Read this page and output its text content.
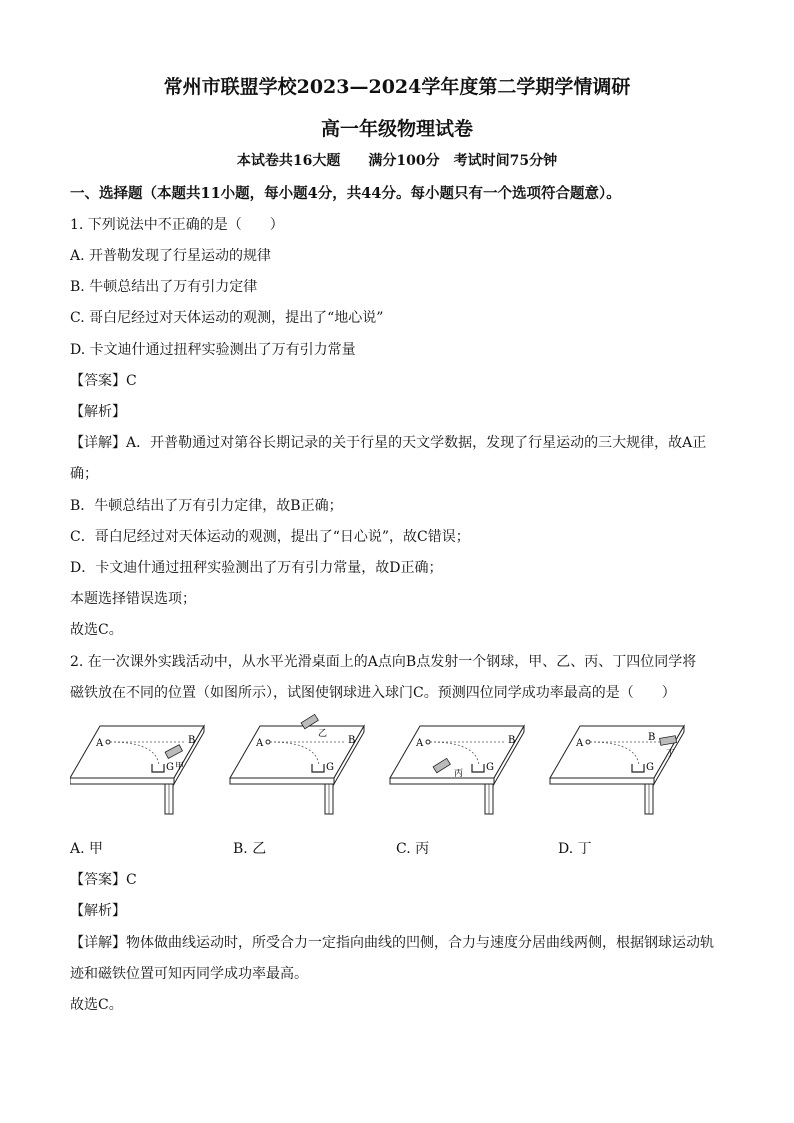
常州市联盟学校2023—2024学年度第二学期学情调研
高一年级物理试卷
本试卷共16大题　　满分100分　考试时间75分钟
一、选择题（本题共11小题，每小题4分，共44分。每小题只有一个选项符合题意）。
1. 下列说法中不正确的是（　　）
A. 开普勒发现了行星运动的规律
B. 牛顿总结出了万有引力定律
C. 哥白尼经过对天体运动的观测，提出了“地心说”
D. 卡文迪什通过扭秤实验测出了万有引力常量
【答案】C
【解析】
【详解】A．开普勒通过对第谷长期记录的关于行星的天文学数据，发现了行星运动的三大规律，故A正
确；
B．牛顿总结出了万有引力定律，故B正确；
C．哥白尼经过对天体运动的观测，提出了“日心说”，故C错误；
D．卡文迪什通过扭秤实验测出了万有引力常量，故D正确；
本题选择错误选项；
故选C。
2. 在一次课外实践活动中，从水平光滑桌面上的A点向B点发射一个钢球，甲、乙、丙、丁四位同学将
磁铁放在不同的位置（如图所示），试图使钢球进入球门C。预测四位同学成功率最高的是（　　）
A	B
G 甲
A	B
G
乙
A	B
G
丙
A
B
G
丁
A. 甲	B. 乙	C. 丙	D. 丁
【答案】C
【解析】
【详解】物体做曲线运动时，所受合力一定指向曲线的凹侧，合力与速度分居曲线两侧，根据钢球运动轨
迹和磁铁位置可知丙同学成功率最高。
故选C。
